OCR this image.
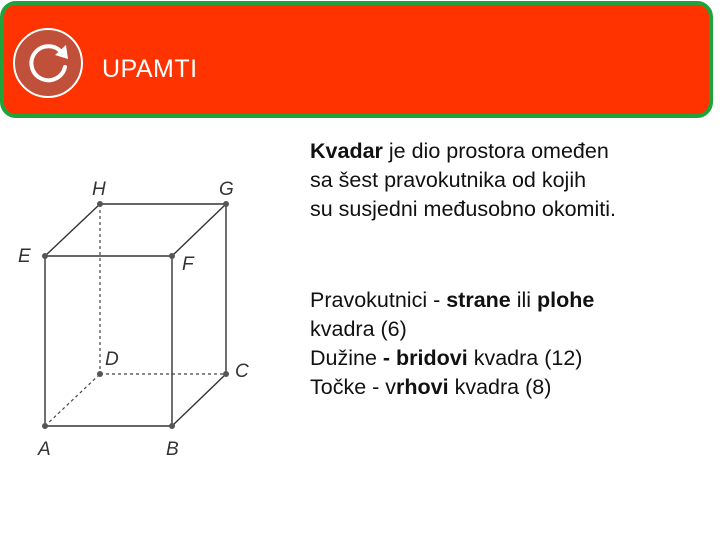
UPAMTI
A	B
C
D
E	F
G
H
Kvadar je dio prostora omeđen
sa šest pravokutnika od kojih
su susjedni međusobno okomiti.
Pravokutnici - strane ili plohe
kvadra (6)
Dužine - bridovi kvadra (12)
Točke - vrhovi kvadra (8)
